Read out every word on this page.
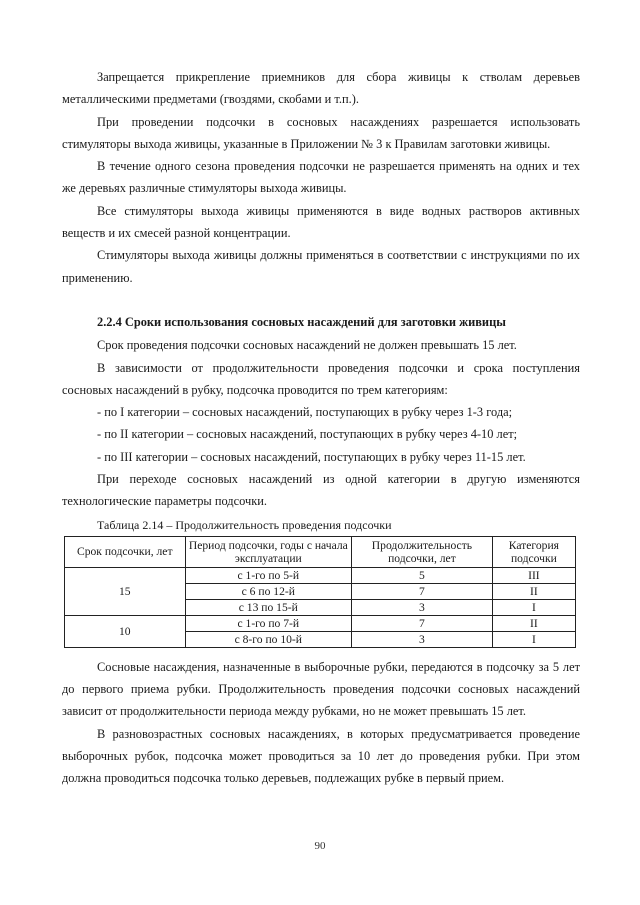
Запрещается прикрепление приемников для сбора живицы к стволам деревьев металлическими предметами (гвоздями, скобами и т.п.).

При проведении подсочки в сосновых насаждениях разрешается использовать стимуляторы выхода живицы, указанные в Приложении № 3 к Правилам заготовки живицы.

В течение одного сезона проведения подсочки не разрешается применять на одних и тех же деревьях различные стимуляторы выхода живицы.

Все стимуляторы выхода живицы применяются в виде водных растворов активных веществ и их смесей разной концентрации.

Стимуляторы выхода живицы должны применяться в соответствии с инструкциями по их применению.

2.2.4 Сроки использования сосновых насаждений для заготовки живицы

Срок проведения подсочки сосновых насаждений не должен превышать 15 лет.

В зависимости от продолжительности проведения подсочки и срока поступления сосновых насаждений в рубку, подсочка проводится по трем категориям:

- по I категории – сосновых насаждений, поступающих в рубку через 1-3 года;

- по II категории – сосновых насаждений, поступающих в рубку через 4-10 лет;

- по III категории – сосновых насаждений, поступающих в рубку через 11-15 лет.

При переходе сосновых насаждений из одной категории в другую изменяются технологические параметры подсочки.

Таблица 2.14 – Продолжительность проведения подсочки

Срок подсочки, лет	Период подсочки, годы с начала эксплуатации	Продолжительность подсочки, лет	Категория подсочки
15	с 1-го по 5-й	5	III
	с 6 по 12-й	7	II
	с 13 по 15-й	3	I
10	с 1-го по 7-й	7	II
	с 8-го по 10-й	3	I

Сосновые насаждения, назначенные в выборочные рубки, передаются в подсочку за 5 лет до первого приема рубки. Продолжительность проведения подсочки сосновых насаждений зависит от продолжительности периода между рубками, но не может превышать 15 лет.

В разновозрастных сосновых насаждениях, в которых предусматривается проведение выборочных рубок, подсочка может проводиться за 10 лет до проведения рубки. При этом должна проводиться подсочка только деревьев, подлежащих рубке в первый прием.

90
